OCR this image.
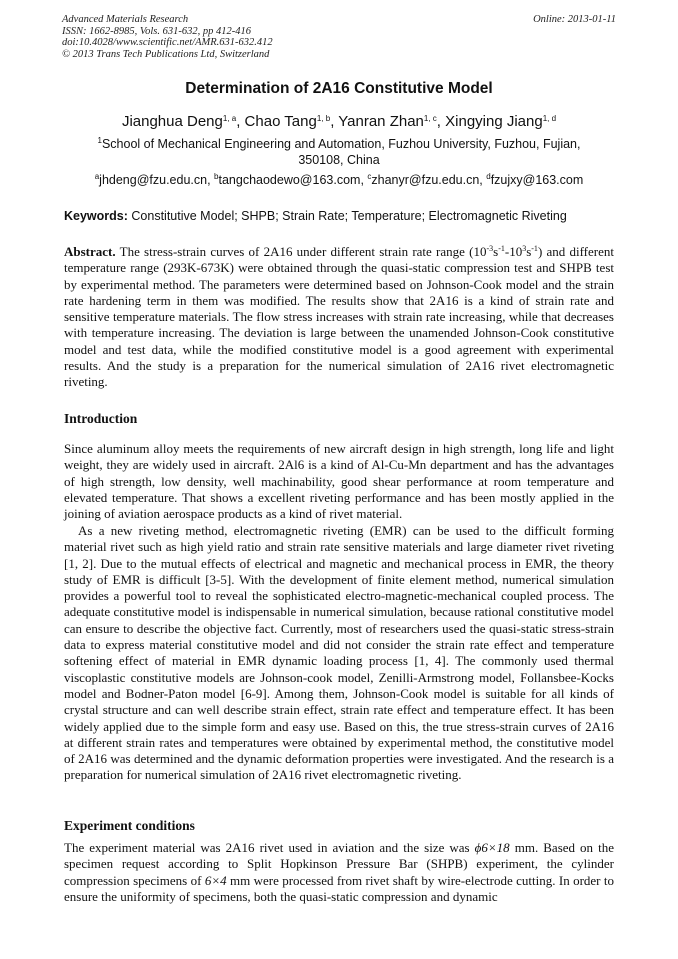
Advanced Materials Research
ISSN: 1662-8985, Vols. 631-632, pp 412-416
doi:10.4028/www.scientific.net/AMR.631-632.412
© 2013 Trans Tech Publications Ltd, Switzerland
Online: 2013-01-11
Determination of 2A16 Constitutive Model
Jianghua Deng$^{1, a}$, Chao Tang$^{1, b}$, Yanran Zhan$^{1, c}$, Xingying Jiang$^{1, d}$
$^1$School of Mechanical Engineering and Automation, Fuzhou University, Fuzhou, Fujian, 350108, China
$^a$jhdeng@fzu.edu.cn, $^b$tangchaodewo@163.com, $^c$zhanyr@fzu.edu.cn, $^d$fzujxy@163.com
Keywords: Constitutive Model; SHPB; Strain Rate; Temperature; Electromagnetic Riveting
Abstract. The stress-strain curves of 2A16 under different strain rate range $(10^{-3}s^{-1}-10^3s^{-1})$ and different temperature range (293K-673K) were obtained through the quasi-static compression test and SHPB test by experimental method. The parameters were determined based on Johnson-Cook model and the strain rate hardening term in them was modified. The results show that 2A16 is a kind of strain rate and sensitive temperature materials. The flow stress increases with strain rate increasing, while that decreases with temperature increasing. The deviation is large between the unamended Johnson-Cook constitutive model and test data, while the modified constitutive model is a good agreement with experimental results. And the study is a preparation for the numerical simulation of 2A16 rivet electromagnetic riveting.
Introduction
Since aluminum alloy meets the requirements of new aircraft design in high strength, long life and light weight, they are widely used in aircraft. 2Al6 is a kind of Al-Cu-Mn department and has the advantages of high strength, low density, well machinability, good shear performance at room temperature and elevated temperature. That shows a excellent riveting performance and has been mostly applied in the joining of aviation aerospace products as a kind of rivet material.
As a new riveting method, electromagnetic riveting (EMR) can be used to the difficult forming material rivet such as high yield ratio and strain rate sensitive materials and large diameter rivet riveting [1, 2]. Due to the mutual effects of electrical and magnetic and mechanical process in EMR, the theory study of EMR is difficult [3-5]. With the development of finite element method, numerical simulation provides a powerful tool to reveal the sophisticated electro-magnetic-mechanical coupled process. The adequate constitutive model is indispensable in numerical simulation, because rational constitutive model can ensure to describe the objective fact. Currently, most of researchers used the quasi-static stress-strain data to express material constitutive model and did not consider the strain rate effect and temperature softening effect of material in EMR dynamic loading process [1, 4]. The commonly used thermal viscoplastic constitutive models are Johnson-cook model, Zenilli-Armstrong model, Follansbee-Kocks model and Bodner-Paton model [6-9]. Among them, Johnson-Cook model is suitable for all kinds of crystal structure and can well describe strain effect, strain rate effect and temperature effect. It has been widely applied due to the simple form and easy use. Based on this, the true stress-strain curves of 2A16 at different strain rates and temperatures were obtained by experimental method, the constitutive model of 2A16 was determined and the dynamic deformation properties were investigated. And the research is a preparation for numerical simulation of 2A16 rivet electromagnetic riveting.
Experiment conditions
The experiment material was 2A16 rivet used in aviation and the size was ϕ6×18 mm. Based on the specimen request according to Split Hopkinson Pressure Bar (SHPB) experiment, the cylinder compression specimens of 6×4 mm were processed from rivet shaft by wire-electrode cutting. In order to ensure the uniformity of specimens, both the quasi-static compression and dynamic
